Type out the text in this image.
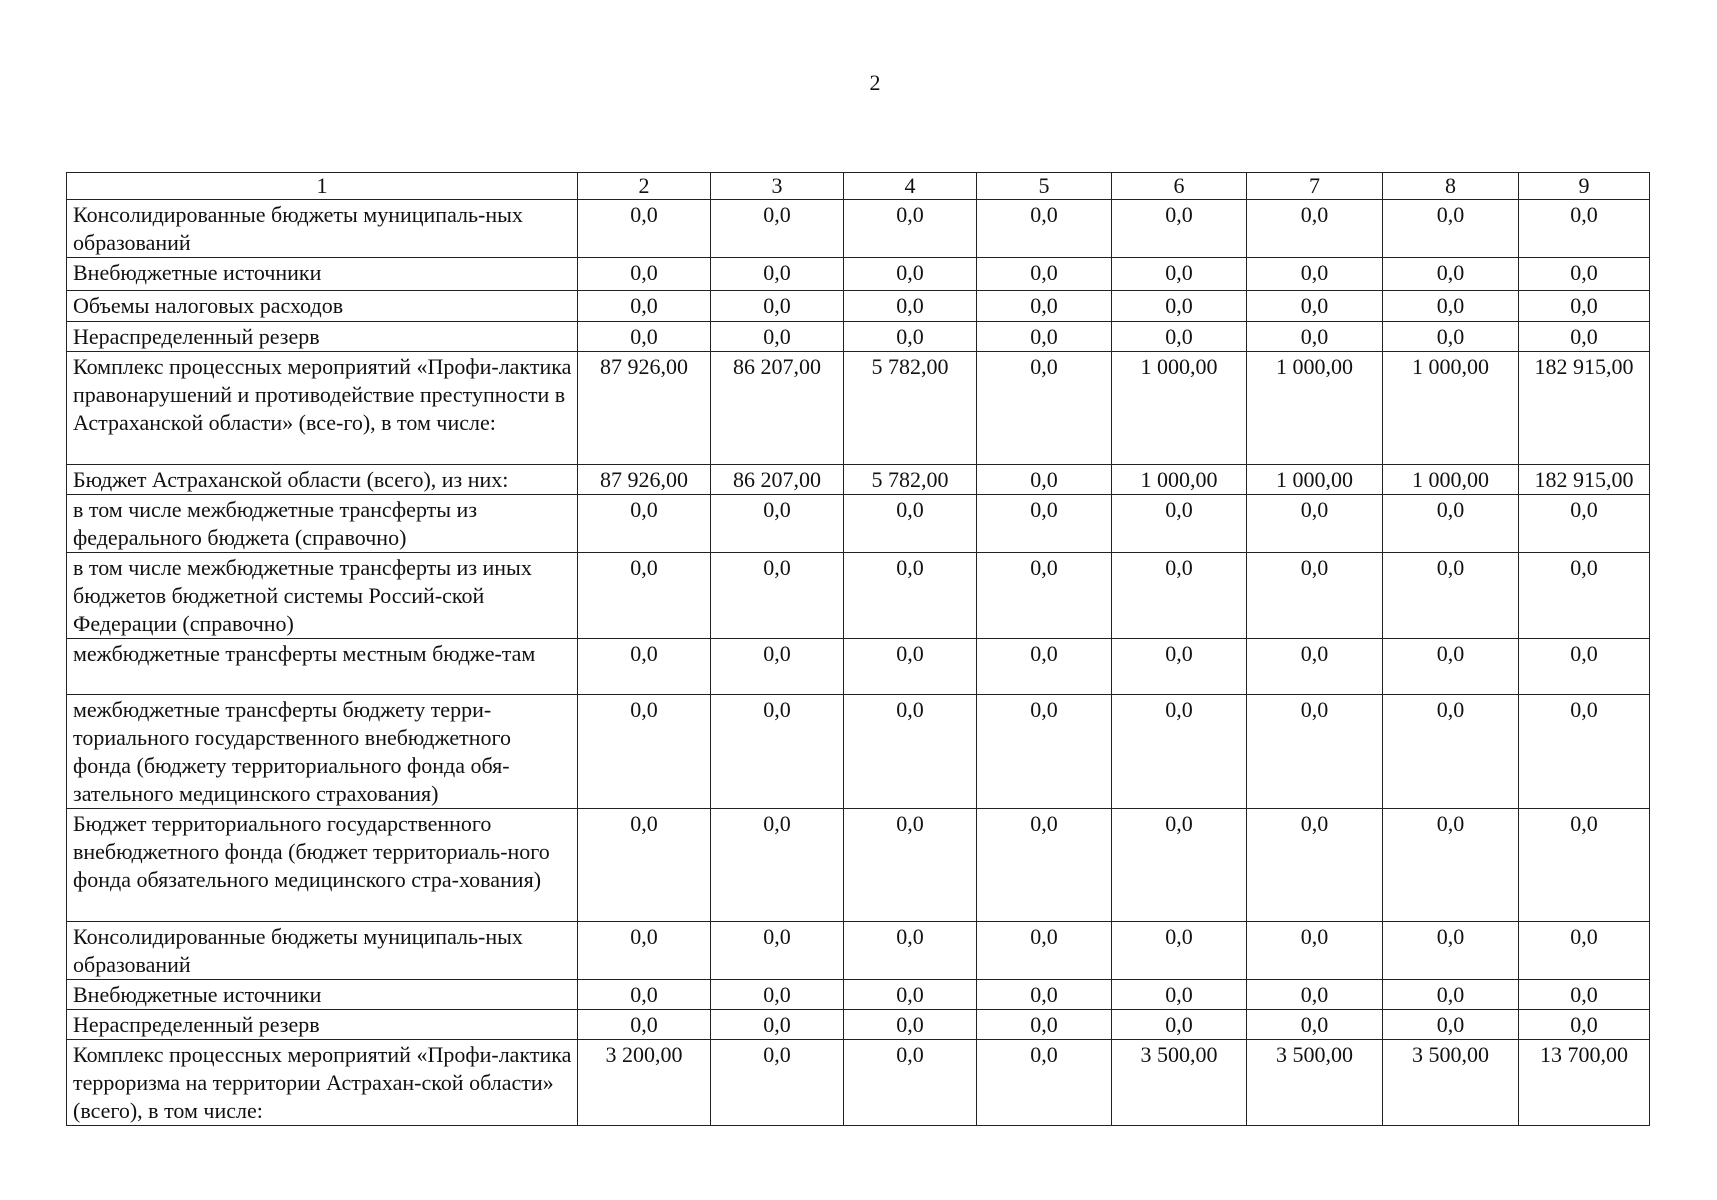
2
1	2	3	4	5	6	7	8	9
Консолидированные бюджеты муниципаль-ных образований	0,0	0,0	0,0	0,0	0,0	0,0	0,0	0,0
Внебюджетные источники	0,0	0,0	0,0	0,0	0,0	0,0	0,0	0,0
Объемы налоговых расходов	0,0	0,0	0,0	0,0	0,0	0,0	0,0	0,0
Нераспределенный резерв	0,0	0,0	0,0	0,0	0,0	0,0	0,0	0,0
Комплекс процессных мероприятий «Профи-лактика правонарушений и противодействие преступности в Астраханской области» (все-го), в том числе:	87 926,00	86 207,00	5 782,00	0,0	1 000,00	1 000,00	1 000,00	182 915,00
Бюджет Астраханской области (всего), из них:	87 926,00	86 207,00	5 782,00	0,0	1 000,00	1 000,00	1 000,00	182 915,00
в том числе межбюджетные трансферты из федерального бюджета (справочно)	0,0	0,0	0,0	0,0	0,0	0,0	0,0	0,0
в том числе межбюджетные трансферты из иных бюджетов бюджетной системы Россий-ской Федерации (справочно)	0,0	0,0	0,0	0,0	0,0	0,0	0,0	0,0
межбюджетные трансферты местным бюдже-там	0,0	0,0	0,0	0,0	0,0	0,0	0,0	0,0
межбюджетные трансферты бюджету терри-ториального государственного внебюджетного фонда (бюджету территориального фонда обя-зательного медицинского страхования)	0,0	0,0	0,0	0,0	0,0	0,0	0,0	0,0
Бюджет территориального государственного внебюджетного фонда (бюджет территориаль-ного фонда обязательного медицинского стра-хования)	0,0	0,0	0,0	0,0	0,0	0,0	0,0	0,0
Консолидированные бюджеты муниципаль-ных образований	0,0	0,0	0,0	0,0	0,0	0,0	0,0	0,0
Внебюджетные источники	0,0	0,0	0,0	0,0	0,0	0,0	0,0	0,0
Нераспределенный резерв	0,0	0,0	0,0	0,0	0,0	0,0	0,0	0,0
Комплекс процессных мероприятий «Профи-лактика терроризма на территории Астрахан-ской области» (всего), в том числе:	3 200,00	0,0	0,0	0,0	3 500,00	3 500,00	3 500,00	13 700,00
